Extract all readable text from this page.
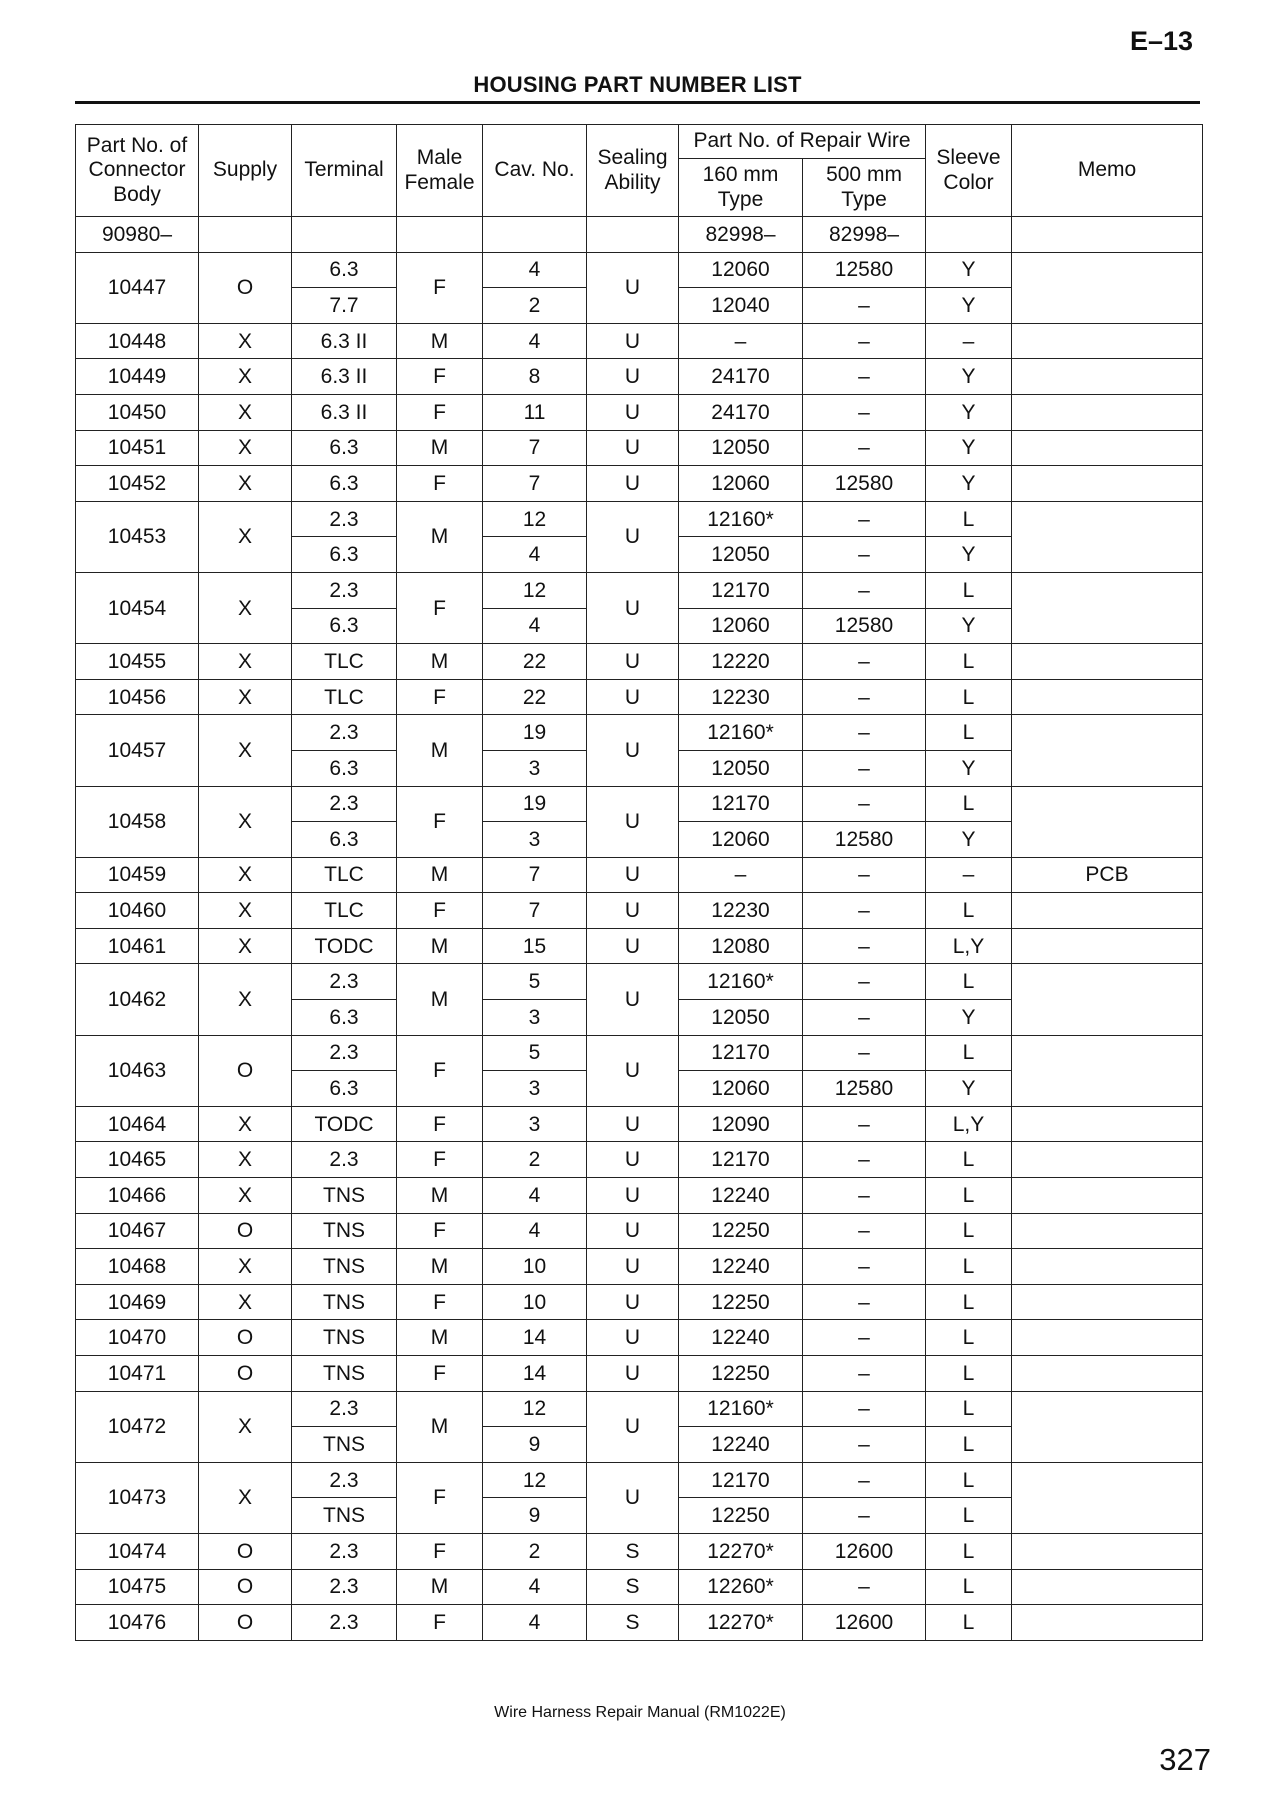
E–13
HOUSING PART NUMBER LIST
Part No. of Connector Body	Supply	Terminal	Male Female	Cav. No.	Sealing Ability	Part No. of Repair Wire		Sleeve Color	Memo
						160 mm Type	500 mm Type		
90980–						82998–	82998–		
10447	O	6.3	F	4	U	12060	12580	Y	
		7.7		2		12040	–	Y	
10448	X	6.3 II	M	4	U	–	–	–	
10449	X	6.3 II	F	8	U	24170	–	Y	
10450	X	6.3 II	F	11	U	24170	–	Y	
10451	X	6.3	M	7	U	12050	–	Y	
10452	X	6.3	F	7	U	12060	12580	Y	
10453	X	2.3	M	12	U	12160*	–	L	
		6.3		4		12050	–	Y	
10454	X	2.3	F	12	U	12170	–	L	
		6.3		4		12060	12580	Y	
10455	X	TLC	M	22	U	12220	–	L	
10456	X	TLC	F	22	U	12230	–	L	
10457	X	2.3	M	19	U	12160*	–	L	
		6.3		3		12050	–	Y	
10458	X	2.3	F	19	U	12170	–	L	
		6.3		3		12060	12580	Y	
10459	X	TLC	M	7	U	–	–	–	PCB
10460	X	TLC	F	7	U	12230	–	L	
10461	X	TODC	M	15	U	12080	–	L,Y	
10462	X	2.3	M	5	U	12160*	–	L	
		6.3		3		12050	–	Y	
10463	O	2.3	F	5	U	12170	–	L	
		6.3		3		12060	12580	Y	
10464	X	TODC	F	3	U	12090	–	L,Y	
10465	X	2.3	F	2	U	12170	–	L	
10466	X	TNS	M	4	U	12240	–	L	
10467	O	TNS	F	4	U	12250	–	L	
10468	X	TNS	M	10	U	12240	–	L	
10469	X	TNS	F	10	U	12250	–	L	
10470	O	TNS	M	14	U	12240	–	L	
10471	O	TNS	F	14	U	12250	–	L	
10472	X	2.3	M	12	U	12160*	–	L	
		TNS		9		12240	–	L	
10473	X	2.3	F	12	U	12170	–	L	
		TNS		9		12250	–	L	
10474	O	2.3	F	2	S	12270*	12600	L	
10475	O	2.3	M	4	S	12260*	–	L	
10476	O	2.3	F	4	S	12270*	12600	L	
Wire Harness Repair Manual (RM1022E)
327
